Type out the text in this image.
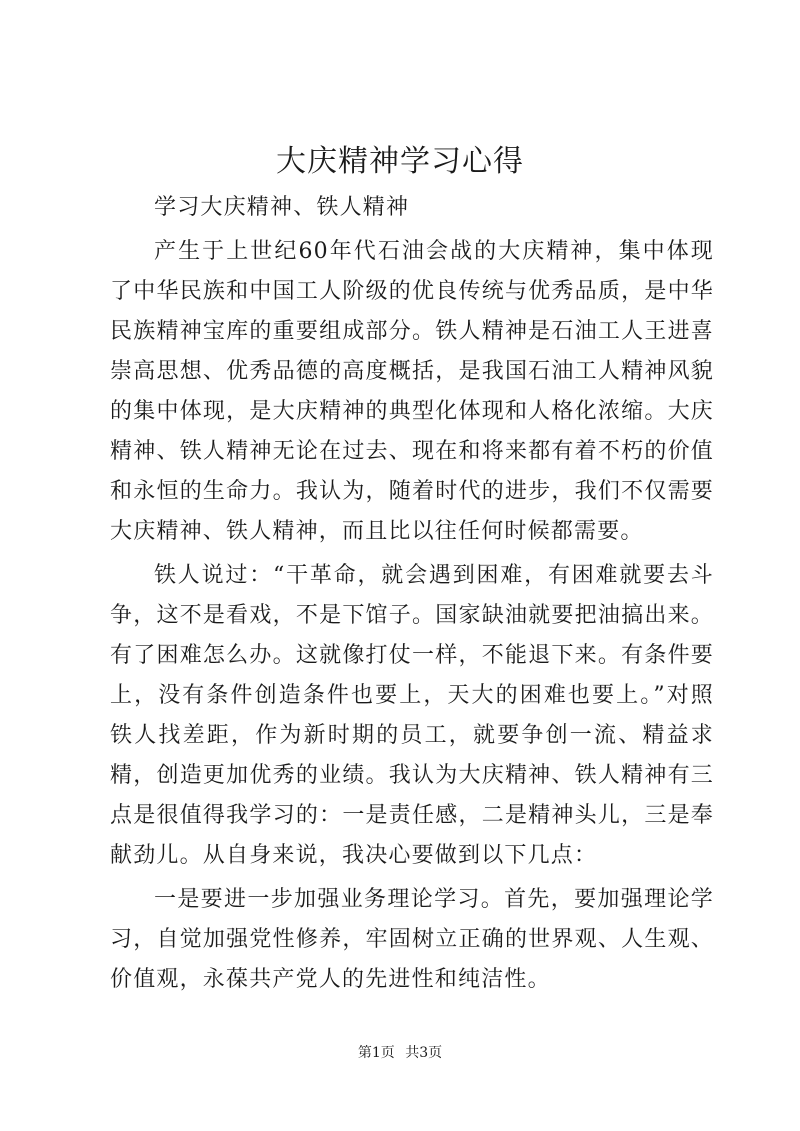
大庆精神学习心得

学习大庆精神、铁人精神

产生于上世纪60年代石油会战的大庆精神，集中体现了中华民族和中国工人阶级的优良传统与优秀品质，是中华民族精神宝库的重要组成部分。铁人精神是石油工人王进喜崇高思想、优秀品德的高度概括，是我国石油工人精神风貌的集中体现，是大庆精神的典型化体现和人格化浓缩。大庆精神、铁人精神无论在过去、现在和将来都有着不朽的价值和永恒的生命力。我认为，随着时代的进步，我们不仅需要大庆精神、铁人精神，而且比以往任何时候都需要。

铁人说过：“干革命，就会遇到困难，有困难就要去斗争，这不是看戏，不是下馆子。国家缺油就要把油搞出来。有了困难怎么办。这就像打仗一样，不能退下来。有条件要上，没有条件创造条件也要上，天大的困难也要上。”对照铁人找差距，作为新时期的员工，就要争创一流、精益求精，创造更加优秀的业绩。我认为大庆精神、铁人精神有三点是很值得我学习的：一是责任感，二是精神头儿，三是奉献劲儿。从自身来说，我决心要做到以下几点：

一是要进一步加强业务理论学习。首先，要加强理论学习，自觉加强党性修养，牢固树立正确的世界观、人生观、价值观，永葆共产党人的先进性和纯洁性。

第1页 共3页
